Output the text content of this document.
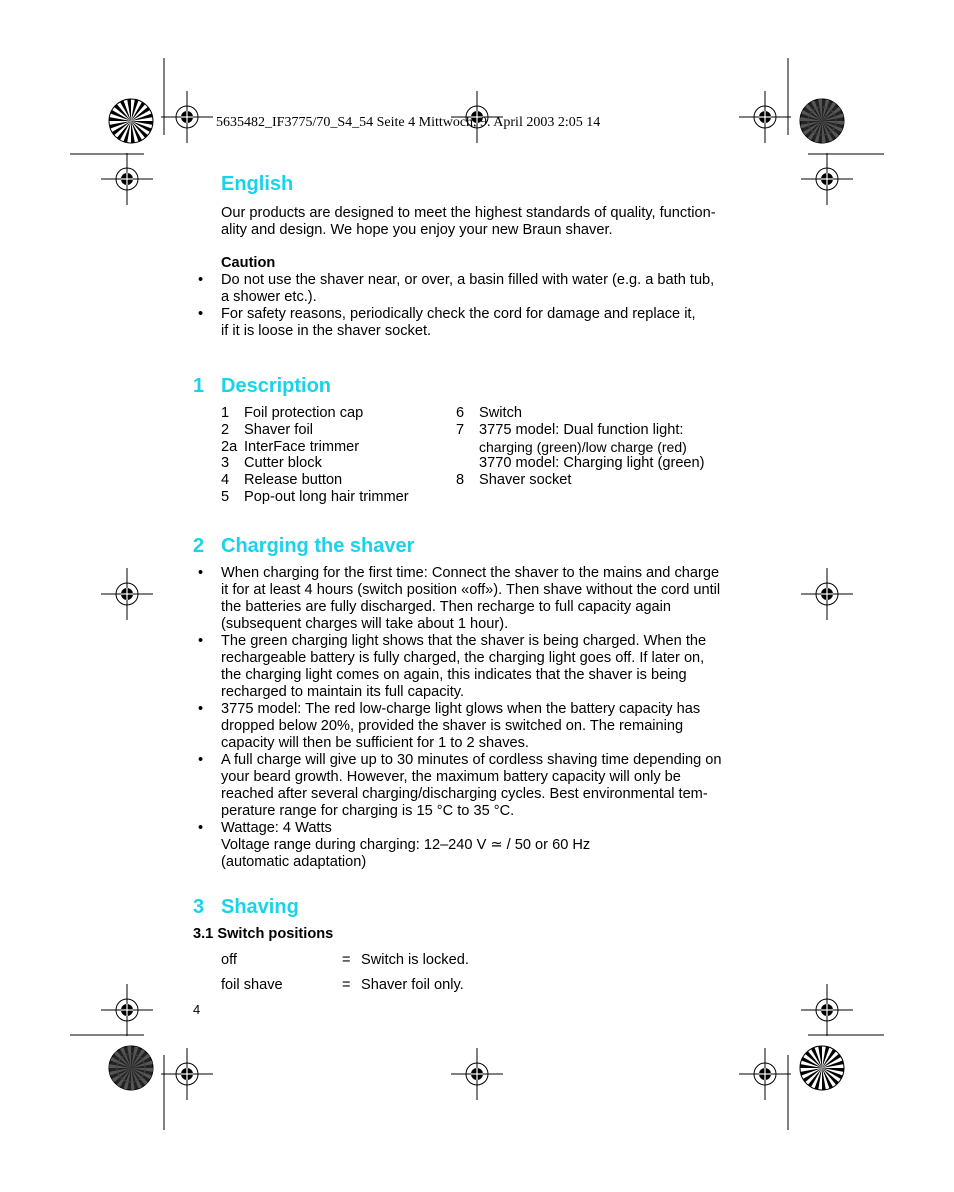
5635482_IF3775/70_S4_54 Seite 4 Mittwoch, 9. April 2003 2:05 14
English
Our products are designed to meet the highest standards of quality, function-
ality and design. We hope you enjoy your new Braun shaver.
Caution
• Do not use the shaver near, or over, a basin filled with water (e.g. a bath tub,
a shower etc.).
• For safety reasons, periodically check the cord for damage and replace it,
if it is loose in the shaver socket.
1 Description
1 Foil protection cap
2 Shaver foil
2a InterFace trimmer
3 Cutter block
4 Release button
5 Pop-out long hair trimmer
6 Switch
7 3775 model: Dual function light:
charging (green)/low charge (red)
3770 model: Charging light (green)
8 Shaver socket
2 Charging the shaver
• When charging for the first time: Connect the shaver to the mains and charge
it for at least 4 hours (switch position «off»). Then shave without the cord until
the batteries are fully discharged. Then recharge to full capacity again
(subsequent charges will take about 1 hour).
• The green charging light shows that the shaver is being charged. When the
rechargeable battery is fully charged, the charging light goes off. If later on,
the charging light comes on again, this indicates that the shaver is being
recharged to maintain its full capacity.
• 3775 model: The red low-charge light glows when the battery capacity has
dropped below 20%, provided the shaver is switched on. The remaining
capacity will then be sufficient for 1 to 2 shaves.
• A full charge will give up to 30 minutes of cordless shaving time depending on
your beard growth. However, the maximum battery capacity will only be
reached after several charging/discharging cycles. Best environmental tem-
perature range for charging is 15 °C to 35 °C.
• Wattage: 4 Watts
Voltage range during charging: 12–240 V ≃ / 50 or 60 Hz
(automatic adaptation)
3 Shaving
3.1 Switch positions
off	= Switch is locked.
foil shave	= Shaver foil only.
4
